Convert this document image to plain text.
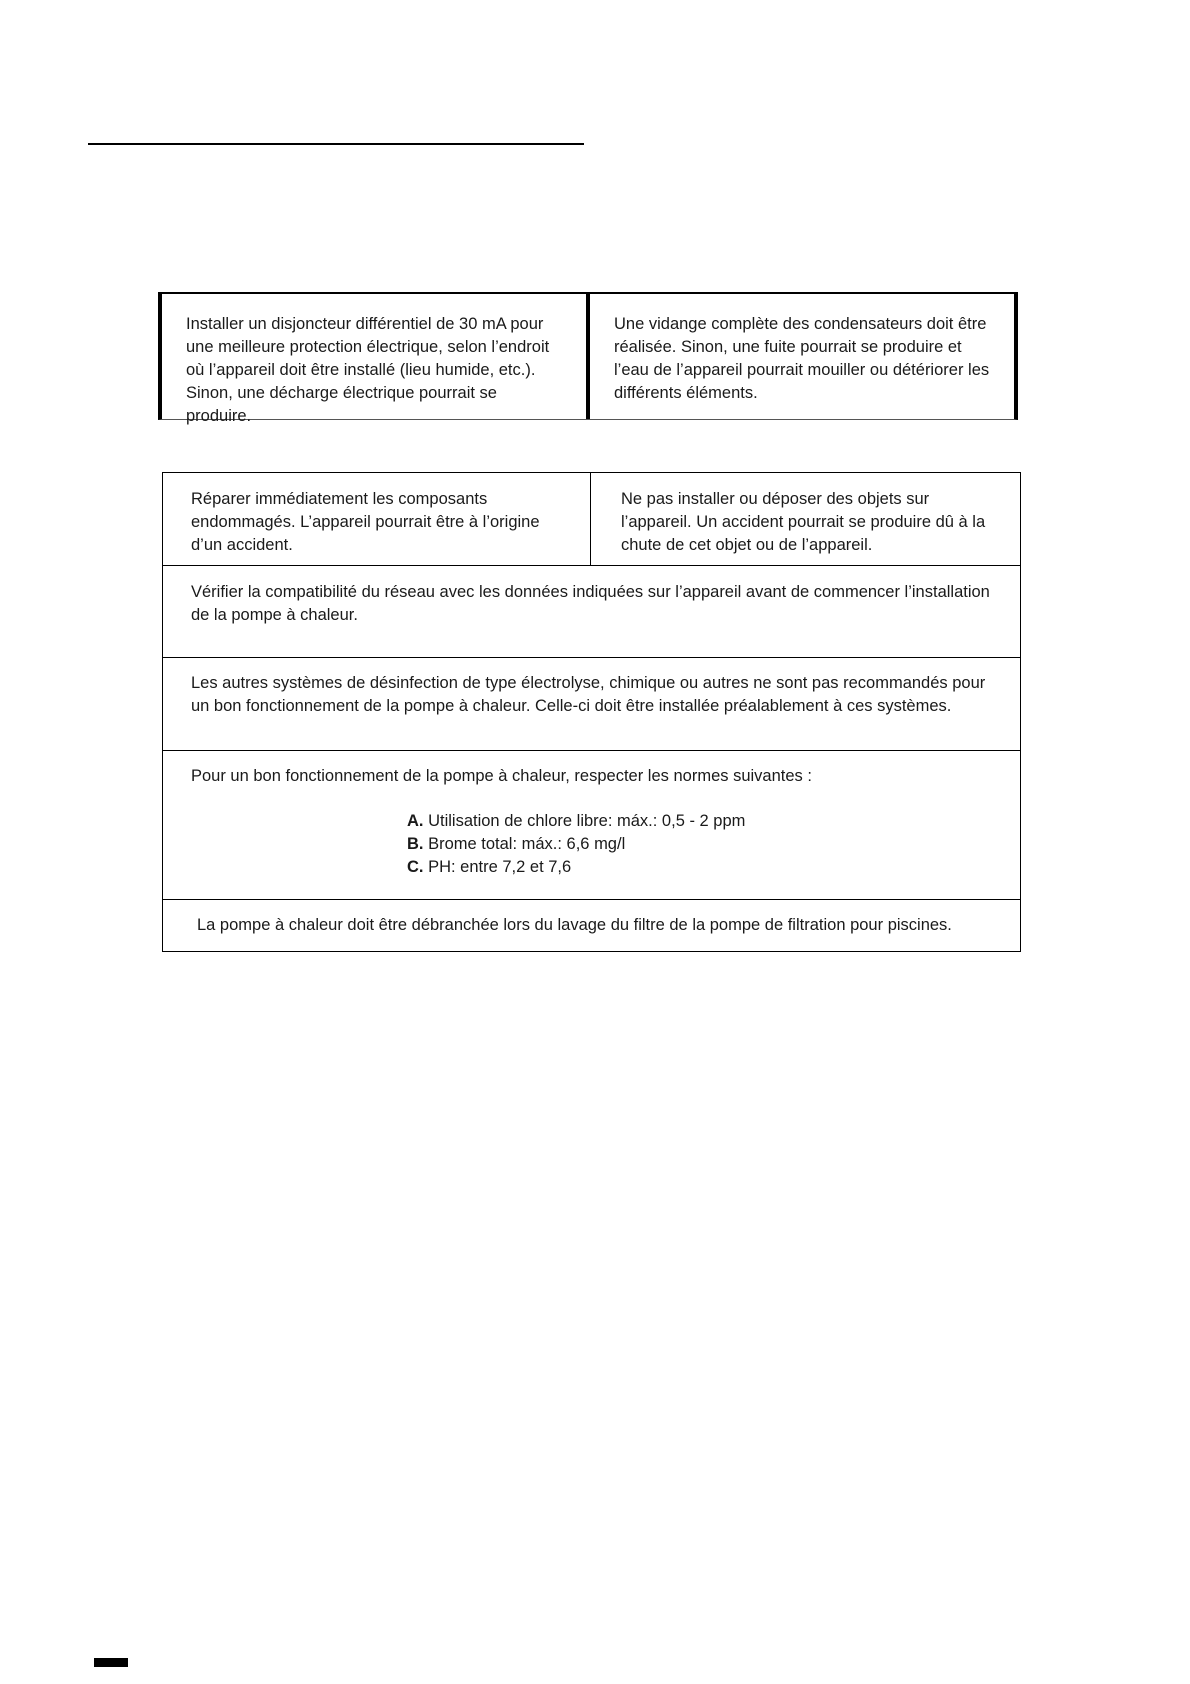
Installer un disjoncteur différentiel de 30 mA pour une meilleure protection électrique, selon l’endroit où l’appareil doit être installé (lieu humide, etc.). Sinon, une décharge électrique pourrait se produire.
Une vidange complète des condensateurs doit être réalisée. Sinon, une fuite pourrait se produire et l’eau de l’appareil pourrait mouiller ou détériorer les différents éléments.
Réparer immédiatement les composants endommagés. L’appareil pourrait être à l’origine d’un accident.
Ne pas installer ou déposer des objets sur l’appareil. Un accident pourrait se produire dû à la chute de cet objet ou de l’appareil.
Vérifier la compatibilité du réseau avec les données indiquées sur l’appareil avant de commencer l’installation de la pompe à chaleur.
Les autres systèmes de désinfection de type électrolyse, chimique ou autres ne sont pas recommandés pour un bon fonctionnement de la pompe à chaleur. Celle-ci doit être installée préalablement à ces systèmes.
Pour un bon fonctionnement de la pompe à chaleur, respecter les normes suivantes :
A. Utilisation de chlore libre: máx.: 0,5 - 2 ppm
B. Brome total: máx.: 6,6 mg/l
C. PH: entre 7,2 et 7,6
La pompe à chaleur doit être débranchée lors du lavage du filtre de la pompe de filtration pour piscines.
